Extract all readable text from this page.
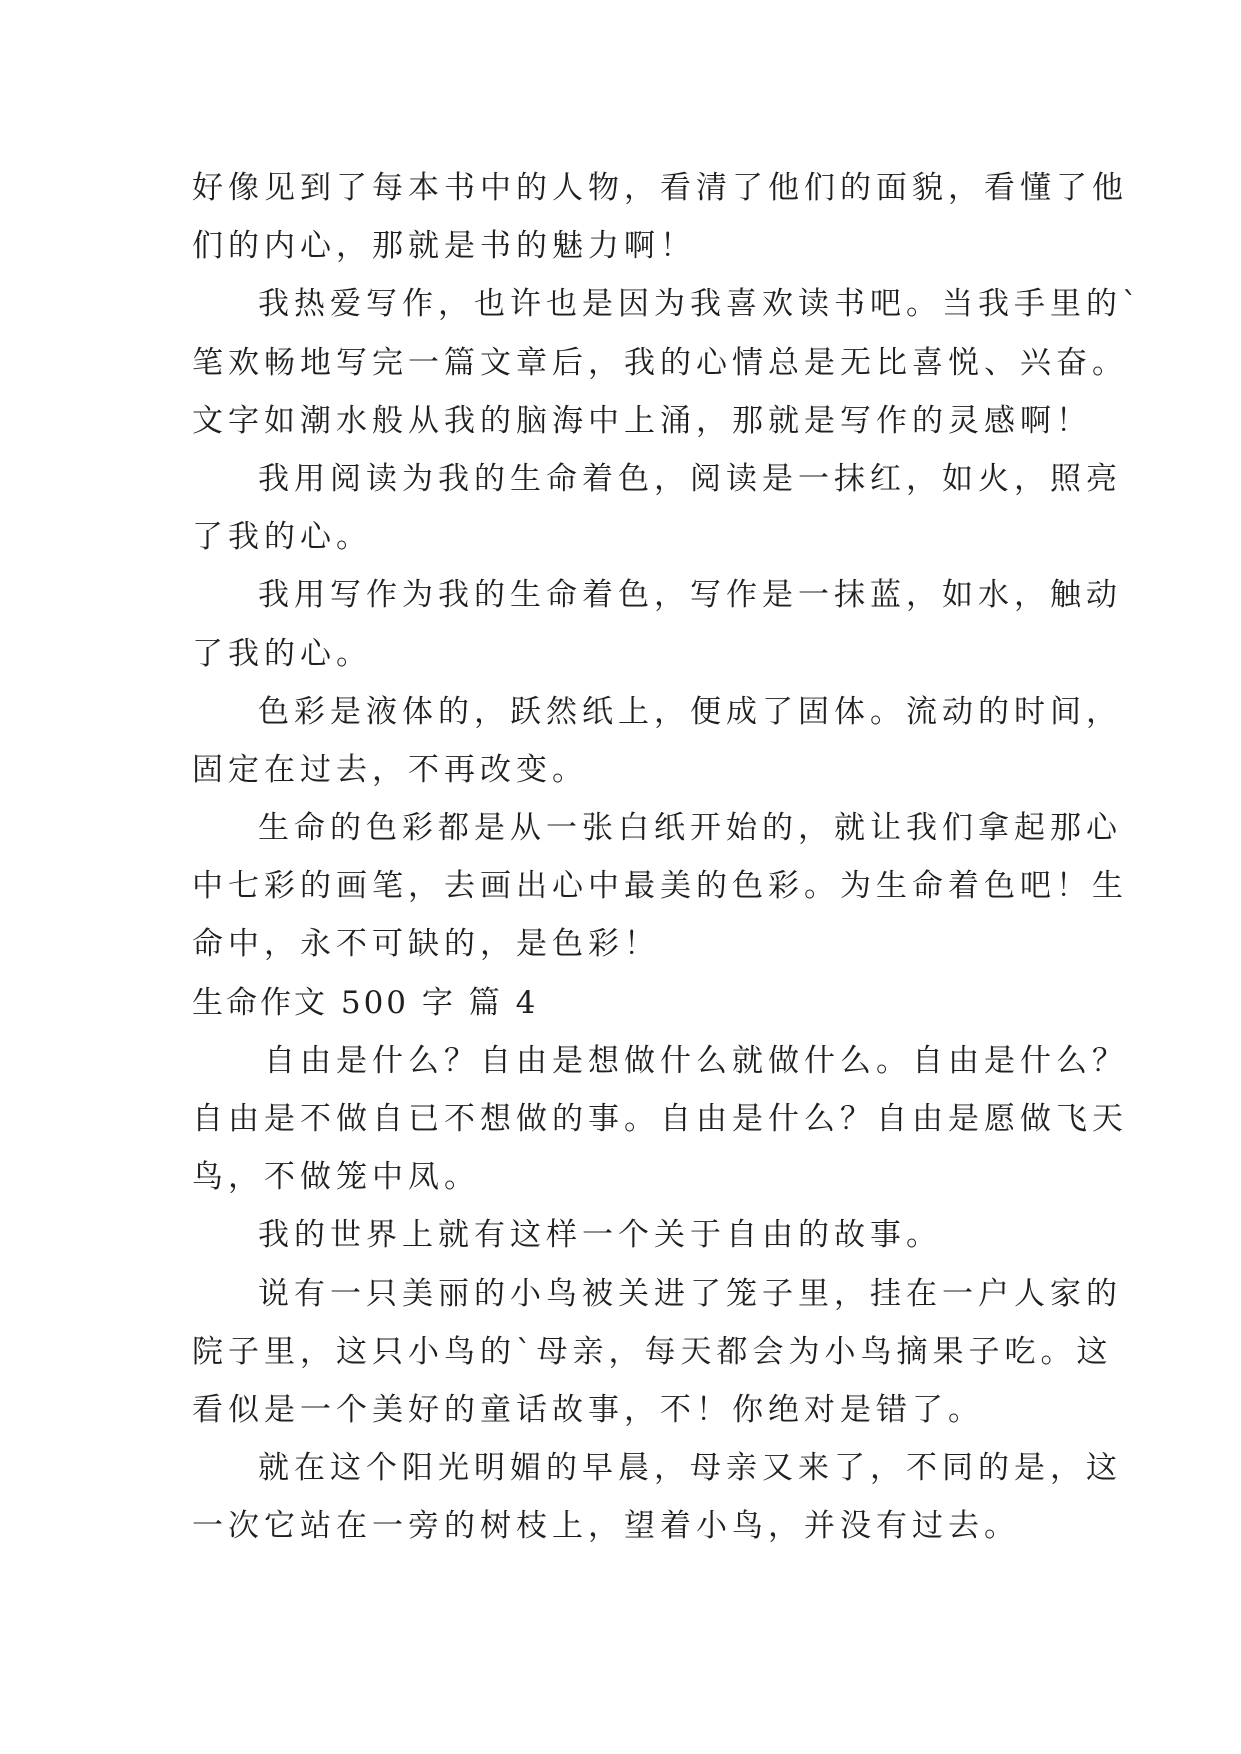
好像见到了每本书中的人物，看清了他们的面貌，看懂了他
们的内心，那就是书的魅力啊！
我热爱写作，也许也是因为我喜欢读书吧。当我手里的`
笔欢畅地写完一篇文章后，我的心情总是无比喜悦、兴奋。
文字如潮水般从我的脑海中上涌，那就是写作的灵感啊！
我用阅读为我的生命着色，阅读是一抹红，如火，照亮
了我的心。
我用写作为我的生命着色，写作是一抹蓝，如水，触动
了我的心。
色彩是液体的，跃然纸上，便成了固体。流动的时间，
固定在过去，不再改变。
生命的色彩都是从一张白纸开始的，就让我们拿起那心
中七彩的画笔，去画出心中最美的色彩。为生命着色吧！生
命中，永不可缺的，是色彩！
生命作文 500 字 篇 4
自由是什么？自由是想做什么就做什么。自由是什么？
自由是不做自已不想做的事。自由是什么？自由是愿做飞天
鸟，不做笼中凤。
我的世界上就有这样一个关于自由的故事。
说有一只美丽的小鸟被关进了笼子里，挂在一户人家的
院子里，这只小鸟的`母亲，每天都会为小鸟摘果子吃。这
看似是一个美好的童话故事，不！你绝对是错了。
就在这个阳光明媚的早晨，母亲又来了，不同的是，这
一次它站在一旁的树枝上，望着小鸟，并没有过去。
